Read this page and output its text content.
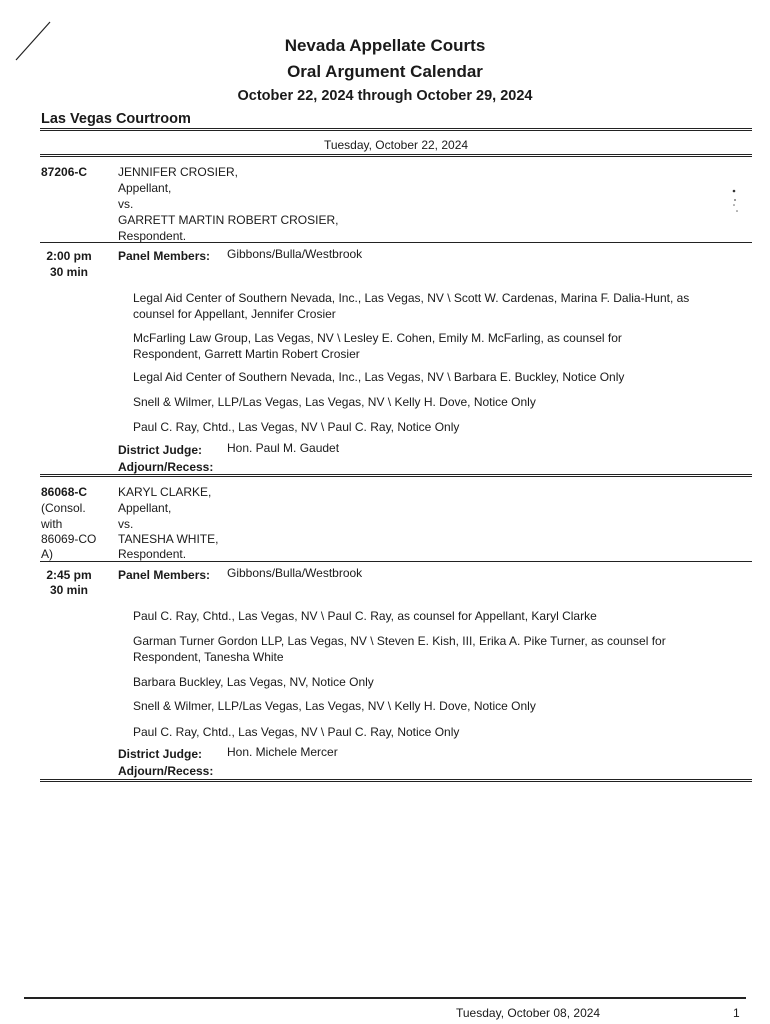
Nevada Appellate Courts
Oral Argument Calendar
October 22, 2024 through October 29, 2024
Las Vegas Courtroom
Tuesday, October 22, 2024
87206-C	JENNIFER CROSIER,
Appellant,
vs.
GARRETT MARTIN ROBERT CROSIER,
Respondent.
2:00 pm
30 min
Panel Members: Gibbons/Bulla/Westbrook
Legal Aid Center of Southern Nevada, Inc., Las Vegas, NV \ Scott W. Cardenas, Marina F. Dalia-Hunt, as counsel for Appellant, Jennifer Crosier
McFarling Law Group, Las Vegas, NV \ Lesley E. Cohen, Emily M. McFarling, as counsel for Respondent, Garrett Martin Robert Crosier
Legal Aid Center of Southern Nevada, Inc., Las Vegas, NV \ Barbara E. Buckley, Notice Only
Snell & Wilmer, LLP/Las Vegas, Las Vegas, NV \ Kelly H. Dove, Notice Only
Paul C. Ray, Chtd., Las Vegas, NV \ Paul C. Ray, Notice Only
District Judge: Hon. Paul M. Gaudet
Adjourn/Recess:
86068-C
(Consol.
with
86069-CO
A)
KARYL CLARKE,
Appellant,
vs.
TANESHA WHITE,
Respondent.
2:45 pm
30 min
Panel Members: Gibbons/Bulla/Westbrook
Paul C. Ray, Chtd., Las Vegas, NV \ Paul C. Ray, as counsel for Appellant, Karyl Clarke
Garman Turner Gordon LLP, Las Vegas, NV \ Steven E. Kish, III, Erika A. Pike Turner, as counsel for Respondent, Tanesha White
Barbara Buckley, Las Vegas, NV, Notice Only
Snell & Wilmer, LLP/Las Vegas, Las Vegas, NV \ Kelly H. Dove, Notice Only
Paul C. Ray, Chtd., Las Vegas, NV \ Paul C. Ray, Notice Only
District Judge: Hon. Michele Mercer
Adjourn/Recess:
Tuesday, October 08, 2024	1
